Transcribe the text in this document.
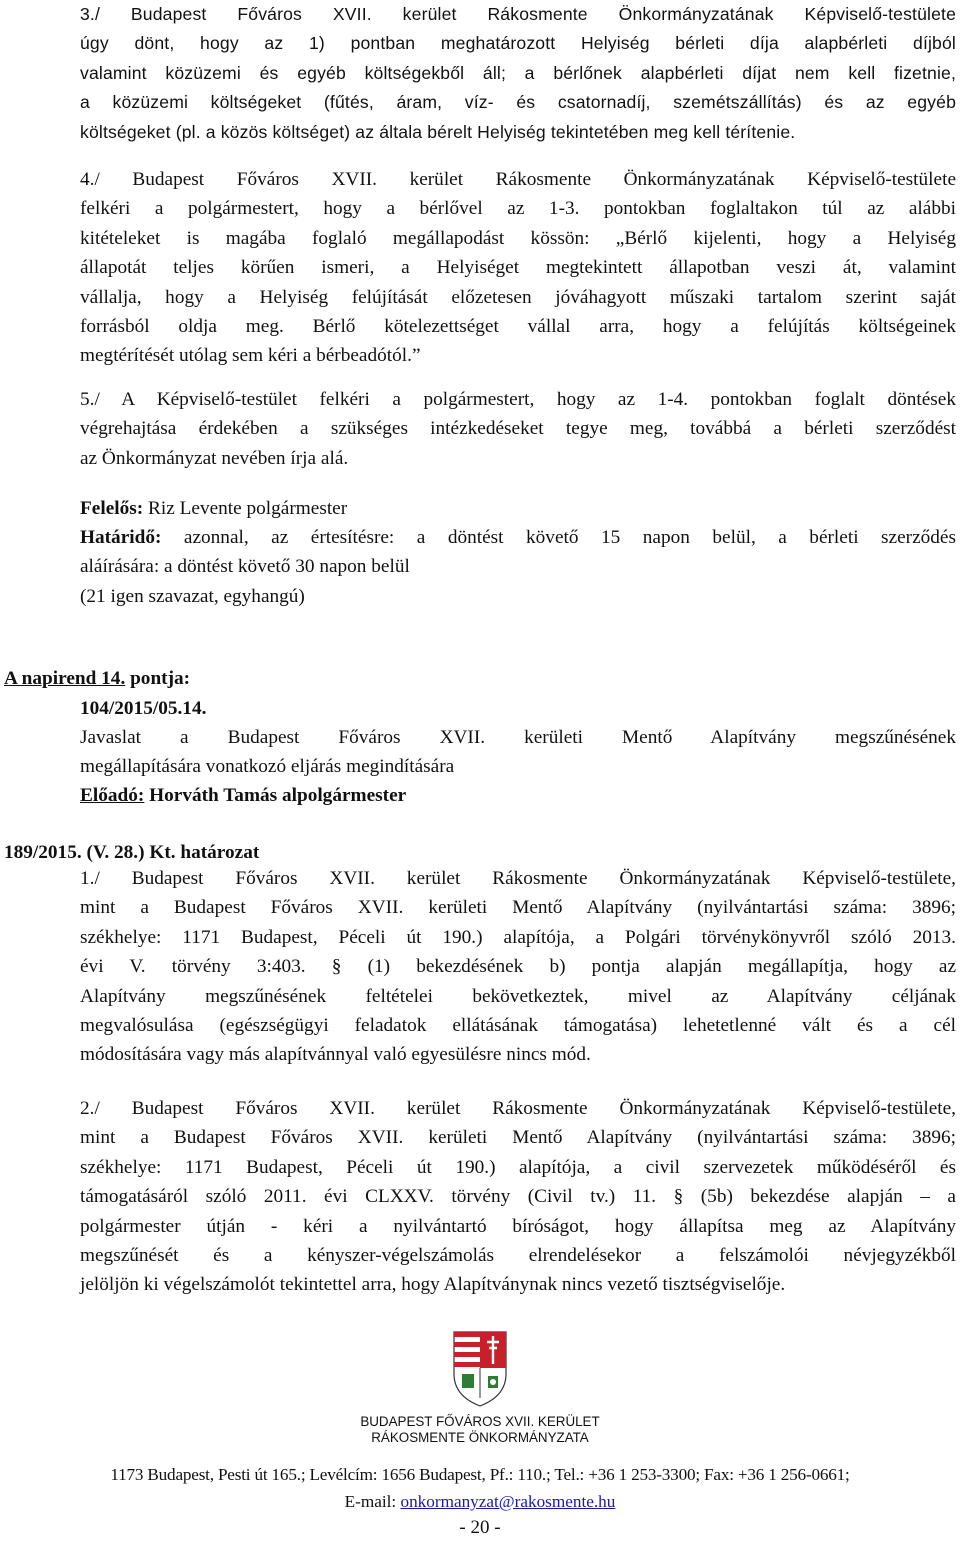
3./ Budapest Főváros XVII. kerület Rákosmente Önkormányzatának Képviselő-testülete
úgy dönt, hogy az 1) pontban meghatározott Helyiség bérleti díja alapbérleti díjból
valamint közüzemi és egyéb költségekből áll; a bérlőnek alapbérleti díjat nem kell fizetnie,
a közüzemi költségeket (fűtés, áram, víz- és csatornadíj, szemétszállítás) és az egyéb
költségeket (pl. a közös költséget) az általa bérelt Helyiség tekintetében meg kell térítenie.
4./ Budapest Főváros XVII. kerület Rákosmente Önkormányzatának Képviselő-testülete
felkéri a polgármestert, hogy a bérlővel az 1-3. pontokban foglaltakon túl az alábbi
kitételeket is magába foglaló megállapodást kössön: „Bérlő kijelenti, hogy a Helyiség
állapotát teljes körűen ismeri, a Helyiséget megtekintett állapotban veszi át, valamint
vállalja, hogy a Helyiség felújítását előzetesen jóváhagyott műszaki tartalom szerint saját
forrásból oldja meg. Bérlő kötelezettséget vállal arra, hogy a felújítás költségeinek
megtérítését utólag sem kéri a bérbeadótól.”
5./ A Képviselő-testület felkéri a polgármestert, hogy az 1-4. pontokban foglalt döntések
végrehajtása érdekében a szükséges intézkedéseket tegye meg, továbbá a bérleti szerződést
az Önkormányzat nevében írja alá.
Felelős: Riz Levente polgármester
Határidő: azonnal, az értesítésre: a döntést követő 15 napon belül, a bérleti szerződés
aláírására: a döntést követő 30 napon belül
(21 igen szavazat, egyhangú)
A napirend 14. pontja:
104/2015/05.14.
Javaslat a Budapest Főváros XVII. kerületi Mentő Alapítvány megszűnésének
megállapítására vonatkozó eljárás megindítására
Előadó: Horváth Tamás alpolgármester
189/2015. (V. 28.) Kt. határozat
1./ Budapest Főváros XVII. kerület Rákosmente Önkormányzatának Képviselő-testülete,
mint a Budapest Főváros XVII. kerületi Mentő Alapítvány (nyilvántartási száma: 3896;
székhelye: 1171 Budapest, Péceli út 190.) alapítója, a Polgári törvénykönyvről szóló 2013.
évi V. törvény 3:403. § (1) bekezdésének b) pontja alapján megállapítja, hogy az
Alapítvány megszűnésének feltételei bekövetkeztek, mivel az Alapítvány céljának
megvalósulása (egészségügyi feladatok ellátásának támogatása) lehetetlenné vált és a cél
módosítására vagy más alapítvánnyal való egyesülésre nincs mód.
2./ Budapest Főváros XVII. kerület Rákosmente Önkormányzatának Képviselő-testülete,
mint a Budapest Főváros XVII. kerületi Mentő Alapítvány (nyilvántartási száma: 3896;
székhelye: 1171 Budapest, Péceli út 190.) alapítója, a civil szervezetek működéséről és
támogatásáról szóló 2011. évi CLXXV. törvény (Civil tv.) 11. § (5b) bekezdése alapján – a
polgármester útján - kéri a nyilvántartó bíróságot, hogy állapítsa meg az Alapítvány
megszűnését és a kényszer-végelszámolás elrendelésekor a felszámolói névjegyzékből
jelöljön ki végelszámolót tekintettel arra, hogy Alapítványnak nincs vezető tisztségviselője.
BUDAPEST FŐVÁROS XVII. KERÜLET
RÁKOSMENTE ÖNKORMÁNYZATA
1173 Budapest, Pesti út 165.; Levélcím: 1656 Budapest, Pf.: 110.; Tel.: +36 1 253-3300; Fax: +36 1 256-0661;
E-mail: onkormanyzat@rakosmente.hu
- 20 -
